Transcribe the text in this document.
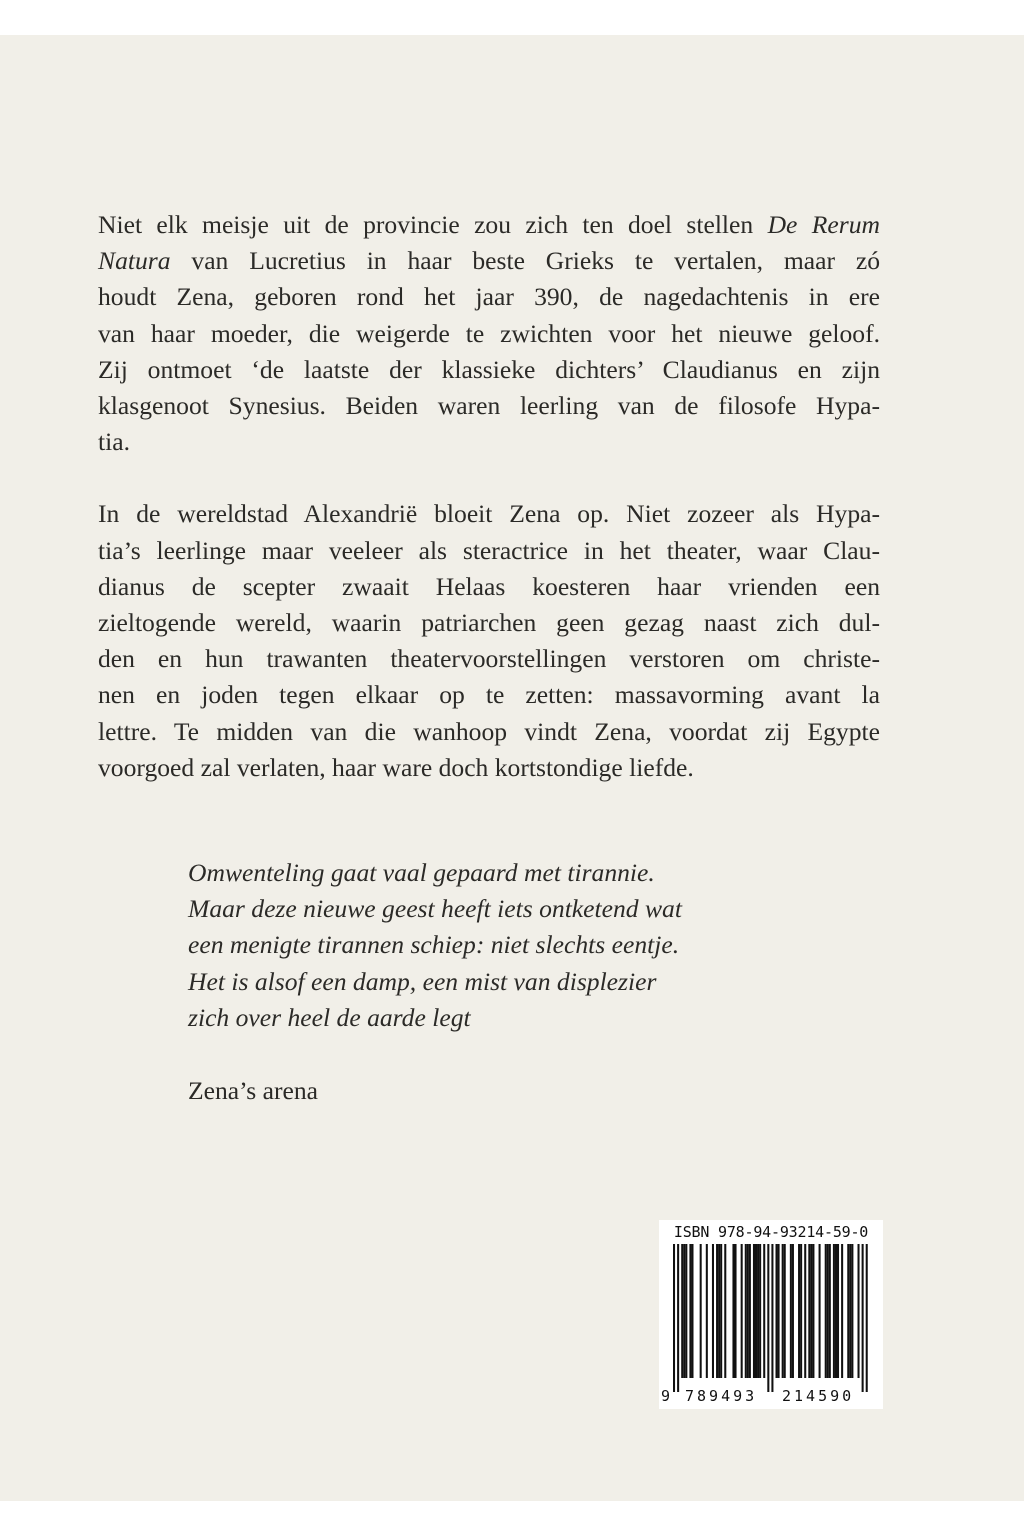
Niet elk meisje uit de provincie zou zich ten doel stellen De Rerum

Natura van Lucretius in haar beste Grieks te vertalen, maar zó

houdt Zena, geboren rond het jaar 390, de nagedachtenis in ere

van haar moeder, die weigerde te zwichten voor het nieuwe geloof.

Zij ontmoet ‘de laatste der klassieke dichters’ Claudianus en zijn

klasgenoot Synesius. Beiden waren leerling van de filosofe Hypa-

tia.

In de wereldstad Alexandrië bloeit Zena op. Niet zozeer als Hypa-

tia’s leerlinge maar veeleer als steractrice in het theater, waar Clau-

dianus de scepter zwaait Helaas koesteren haar vrienden een

zieltogende wereld, waarin patriarchen geen gezag naast zich dul-

den en hun trawanten theatervoorstellingen verstoren om christe-

nen en joden tegen elkaar op te zetten: massavorming avant la

lettre. Te midden van die wanhoop vindt Zena, voordat zij Egypte

voorgoed zal verlaten, haar ware doch kortstondige liefde.

Omwenteling gaat vaal gepaard met tirannie.
Maar deze nieuwe geest heeft iets ontketend wat
een menigte tirannen schiep: niet slechts eentje.
Het is alsof een damp, een mist van displezier
zich over heel de aarde legt
Zena’s arena
ISBN 978-94-93214-59-0
9 789493 214590
